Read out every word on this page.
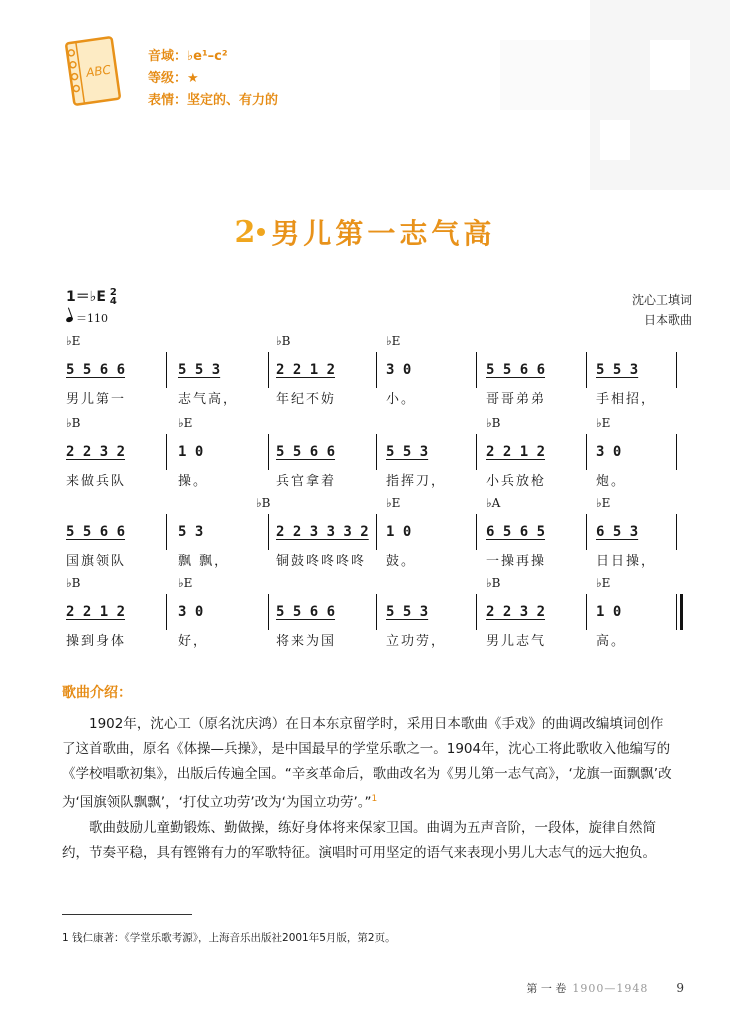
ABC
音域：♭e¹–c²
等级：★
表情：坚定的、有力的
2 男儿第一志气高
1＝♭E 2
4
＝110
沈心工填词
日本歌曲
♭E	♭B	♭E
5 5 6 6
男儿第一
5 5 3
志气高，
2 2 1 2
年纪不妨
3 0
小。
5 5 6 6
哥哥弟弟
5 5 3
手相招，
♭B	♭E	♭B	♭E
2 2 3 2
来做兵队
1 0
操。
5 5 6 6
兵官拿着
5 5 3
指挥刀，
2 2 1 2
小兵放枪
3 0
炮。
♭B	♭E	♭A	♭E
5 5 6 6
国旗领队
5 3
飘 飘，
2 2 3 3 3 2
铜鼓咚咚咚咚
1 0
鼓。
6 5 6 5
一操再操
6 5 3
日日操，
♭B	♭E	♭B	♭E
2 2 1 2
操到身体
3 0
好，
5 5 6 6
将来为国
5 5 3
立功劳，
2 2 3 2
男儿志气
1 0
高。
歌曲介绍：

1902年，沈心工（原名沈庆鸿）在日本东京留学时，采用日本歌曲《手戏》的曲调改编填词创作了这首歌曲，原名《体操—兵操》，是中国最早的学堂乐歌之一。1904年，沈心工将此歌收入他编写的《学校唱歌初集》，出版后传遍全国。“辛亥革命后，歌曲改名为《男儿第一志气高》，‘龙旗一面飘飘’改为‘国旗领队飘飘’，‘打仗立功劳’改为‘为国立功劳’。”$^1$

歌曲鼓励儿童勤锻炼、勤做操，练好身体将来保家卫国。曲调为五声音阶，一段体，旋律自然简约，节奏平稳，具有铿锵有力的军歌特征。演唱时可用坚定的语气来表现小男儿大志气的远大抱负。

1 钱仁康著：《学堂乐歌考源》，上海音乐出版社2001年5月版，第2页。
第 一 卷 1900—1948 9
